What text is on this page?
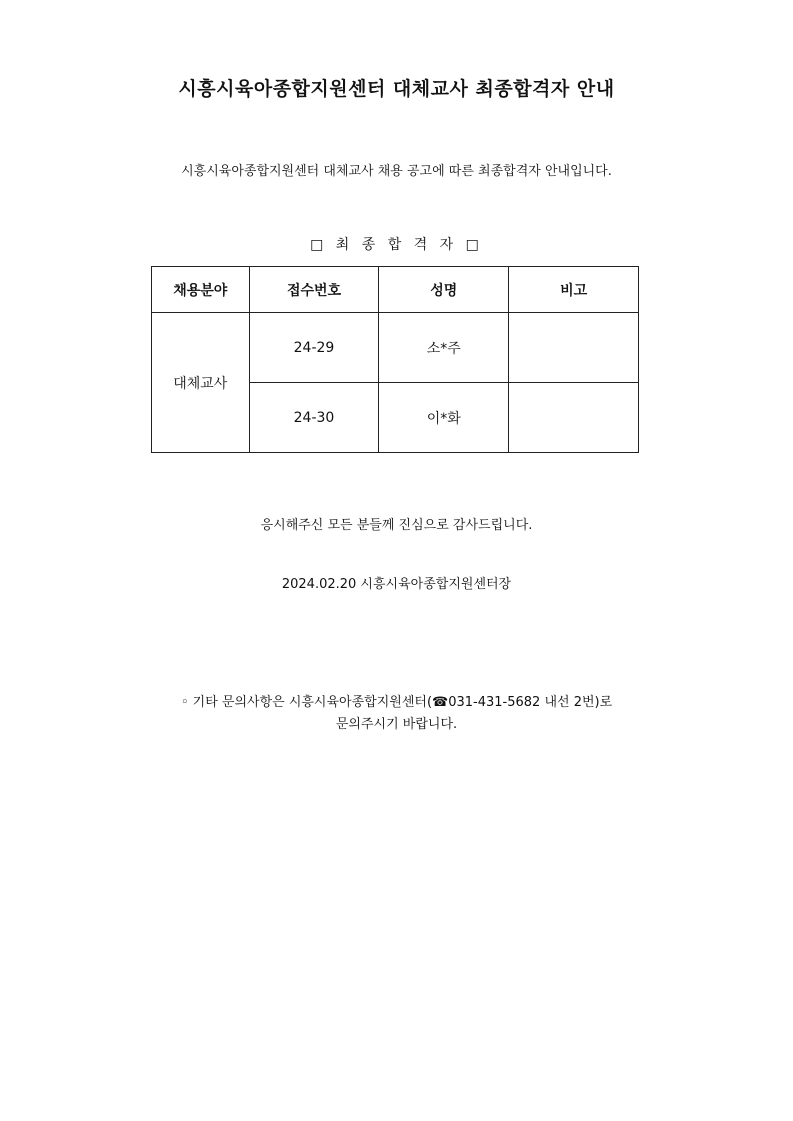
시흥시육아종합지원센터 대체교사 최종합격자 안내
시흥시육아종합지원센터 대체교사 채용 공고에 따른 최종합격자 안내입니다.
□ 최 종 합 격 자 □
채용분야	접수번호	성명	비고
대체교사	24-29	소*주	
	24-30	이*화	
응시해주신 모든 분들께 진심으로 감사드립니다.
2024.02.20 시흥시육아종합지원센터장
◦ 기타 문의사항은 시흥시육아종합지원센터(☎031-431-5682 내선 2번)로
문의주시기 바랍니다.
